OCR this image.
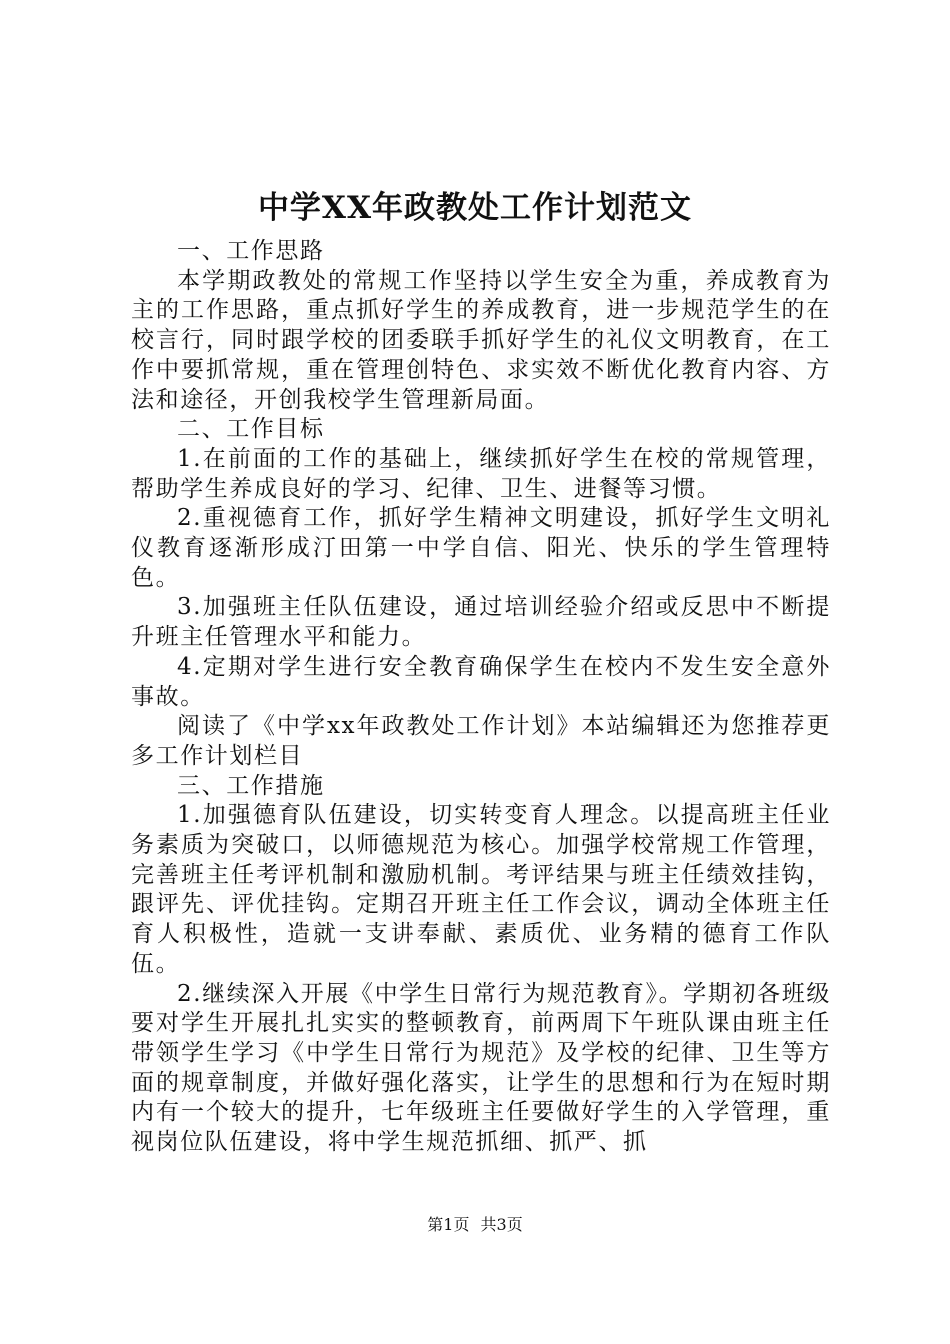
中学XX年政教处工作计划范文

一、工作思路

本学期政教处的常规工作坚持以学生安全为重，养成教育为主的工作思路，重点抓好学生的养成教育，进一步规范学生的在校言行，同时跟学校的团委联手抓好学生的礼仪文明教育，在工作中要抓常规，重在管理创特色、求实效不断优化教育内容、方法和途径，开创我校学生管理新局面。

二、工作目标

1.在前面的工作的基础上，继续抓好学生在校的常规管理，帮助学生养成良好的学习、纪律、卫生、进餐等习惯。

2.重视德育工作，抓好学生精神文明建设，抓好学生文明礼仪教育逐渐形成汀田第一中学自信、阳光、快乐的学生管理特色。

3.加强班主任队伍建设，通过培训经验介绍或反思中不断提升班主任管理水平和能力。

4.定期对学生进行安全教育确保学生在校内不发生安全意外事故。

阅读了《中学xx年政教处工作计划》本站编辑还为您推荐更多工作计划栏目

三、工作措施

1.加强德育队伍建设，切实转变育人理念。以提高班主任业务素质为突破口，以师德规范为核心。加强学校常规工作管理，完善班主任考评机制和激励机制。考评结果与班主任绩效挂钩，跟评先、评优挂钩。定期召开班主任工作会议，调动全体班主任育人积极性，造就一支讲奉献、素质优、业务精的德育工作队伍。

2.继续深入开展《中学生日常行为规范教育》。学期初各班级要对学生开展扎扎实实的整顿教育，前两周下午班队课由班主任带领学生学习《中学生日常行为规范》及学校的纪律、卫生等方面的规章制度，并做好强化落实，让学生的思想和行为在短时期内有一个较大的提升，七年级班主任要做好学生的入学管理，重视岗位队伍建设，将中学生规范抓细、抓严、抓

第1页 共3页
